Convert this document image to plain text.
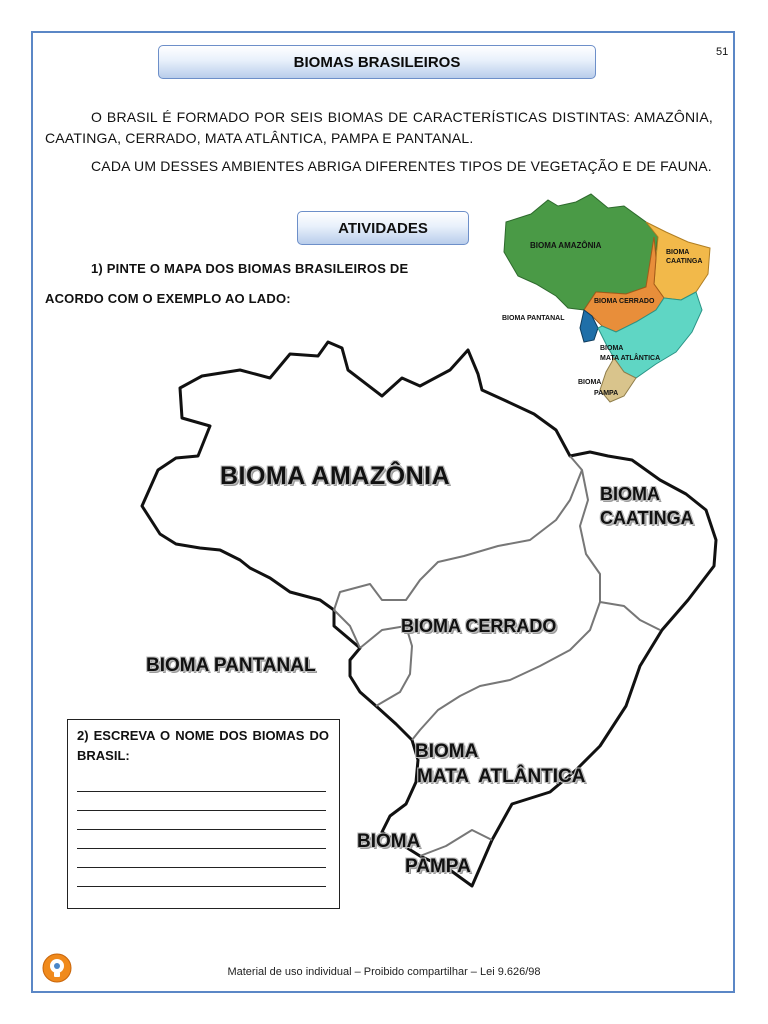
51
BIOMAS BRASILEIROS
O BRASIL É FORMADO POR SEIS BIOMAS DE CARACTERÍSTICAS DISTINTAS: AMAZÔNIA, CAATINGA, CERRADO, MATA ATLÂNTICA, PAMPA E PANTANAL.
CADA UM DESSES AMBIENTES ABRIGA DIFERENTES TIPOS DE VEGETAÇÃO E DE FAUNA.
ATIVIDADES
1) PINTE O MAPA DOS BIOMAS BRASILEIROS DE
ACORDO COM O EXEMPLO AO LADO:
BIOMA AMAZÔNIA
BIOMA
CAATINGA
BIOMA CERRADO
BIOMA PANTANAL
BIOMA
MATA ATLÂNTICA
BIOMA
PAMPA
BIOMA AMAZÔNIA
BIOMA
CAATINGA
BIOMA CERRADO
BIOMA PANTANAL
BIOMA
MATA  ATLÂNTICA
BIOMA
PAMPA
2) ESCREVA O NOME DOS BIOMAS DO BRASIL:
Material de uso individual – Proibido compartilhar – Lei 9.626/98
